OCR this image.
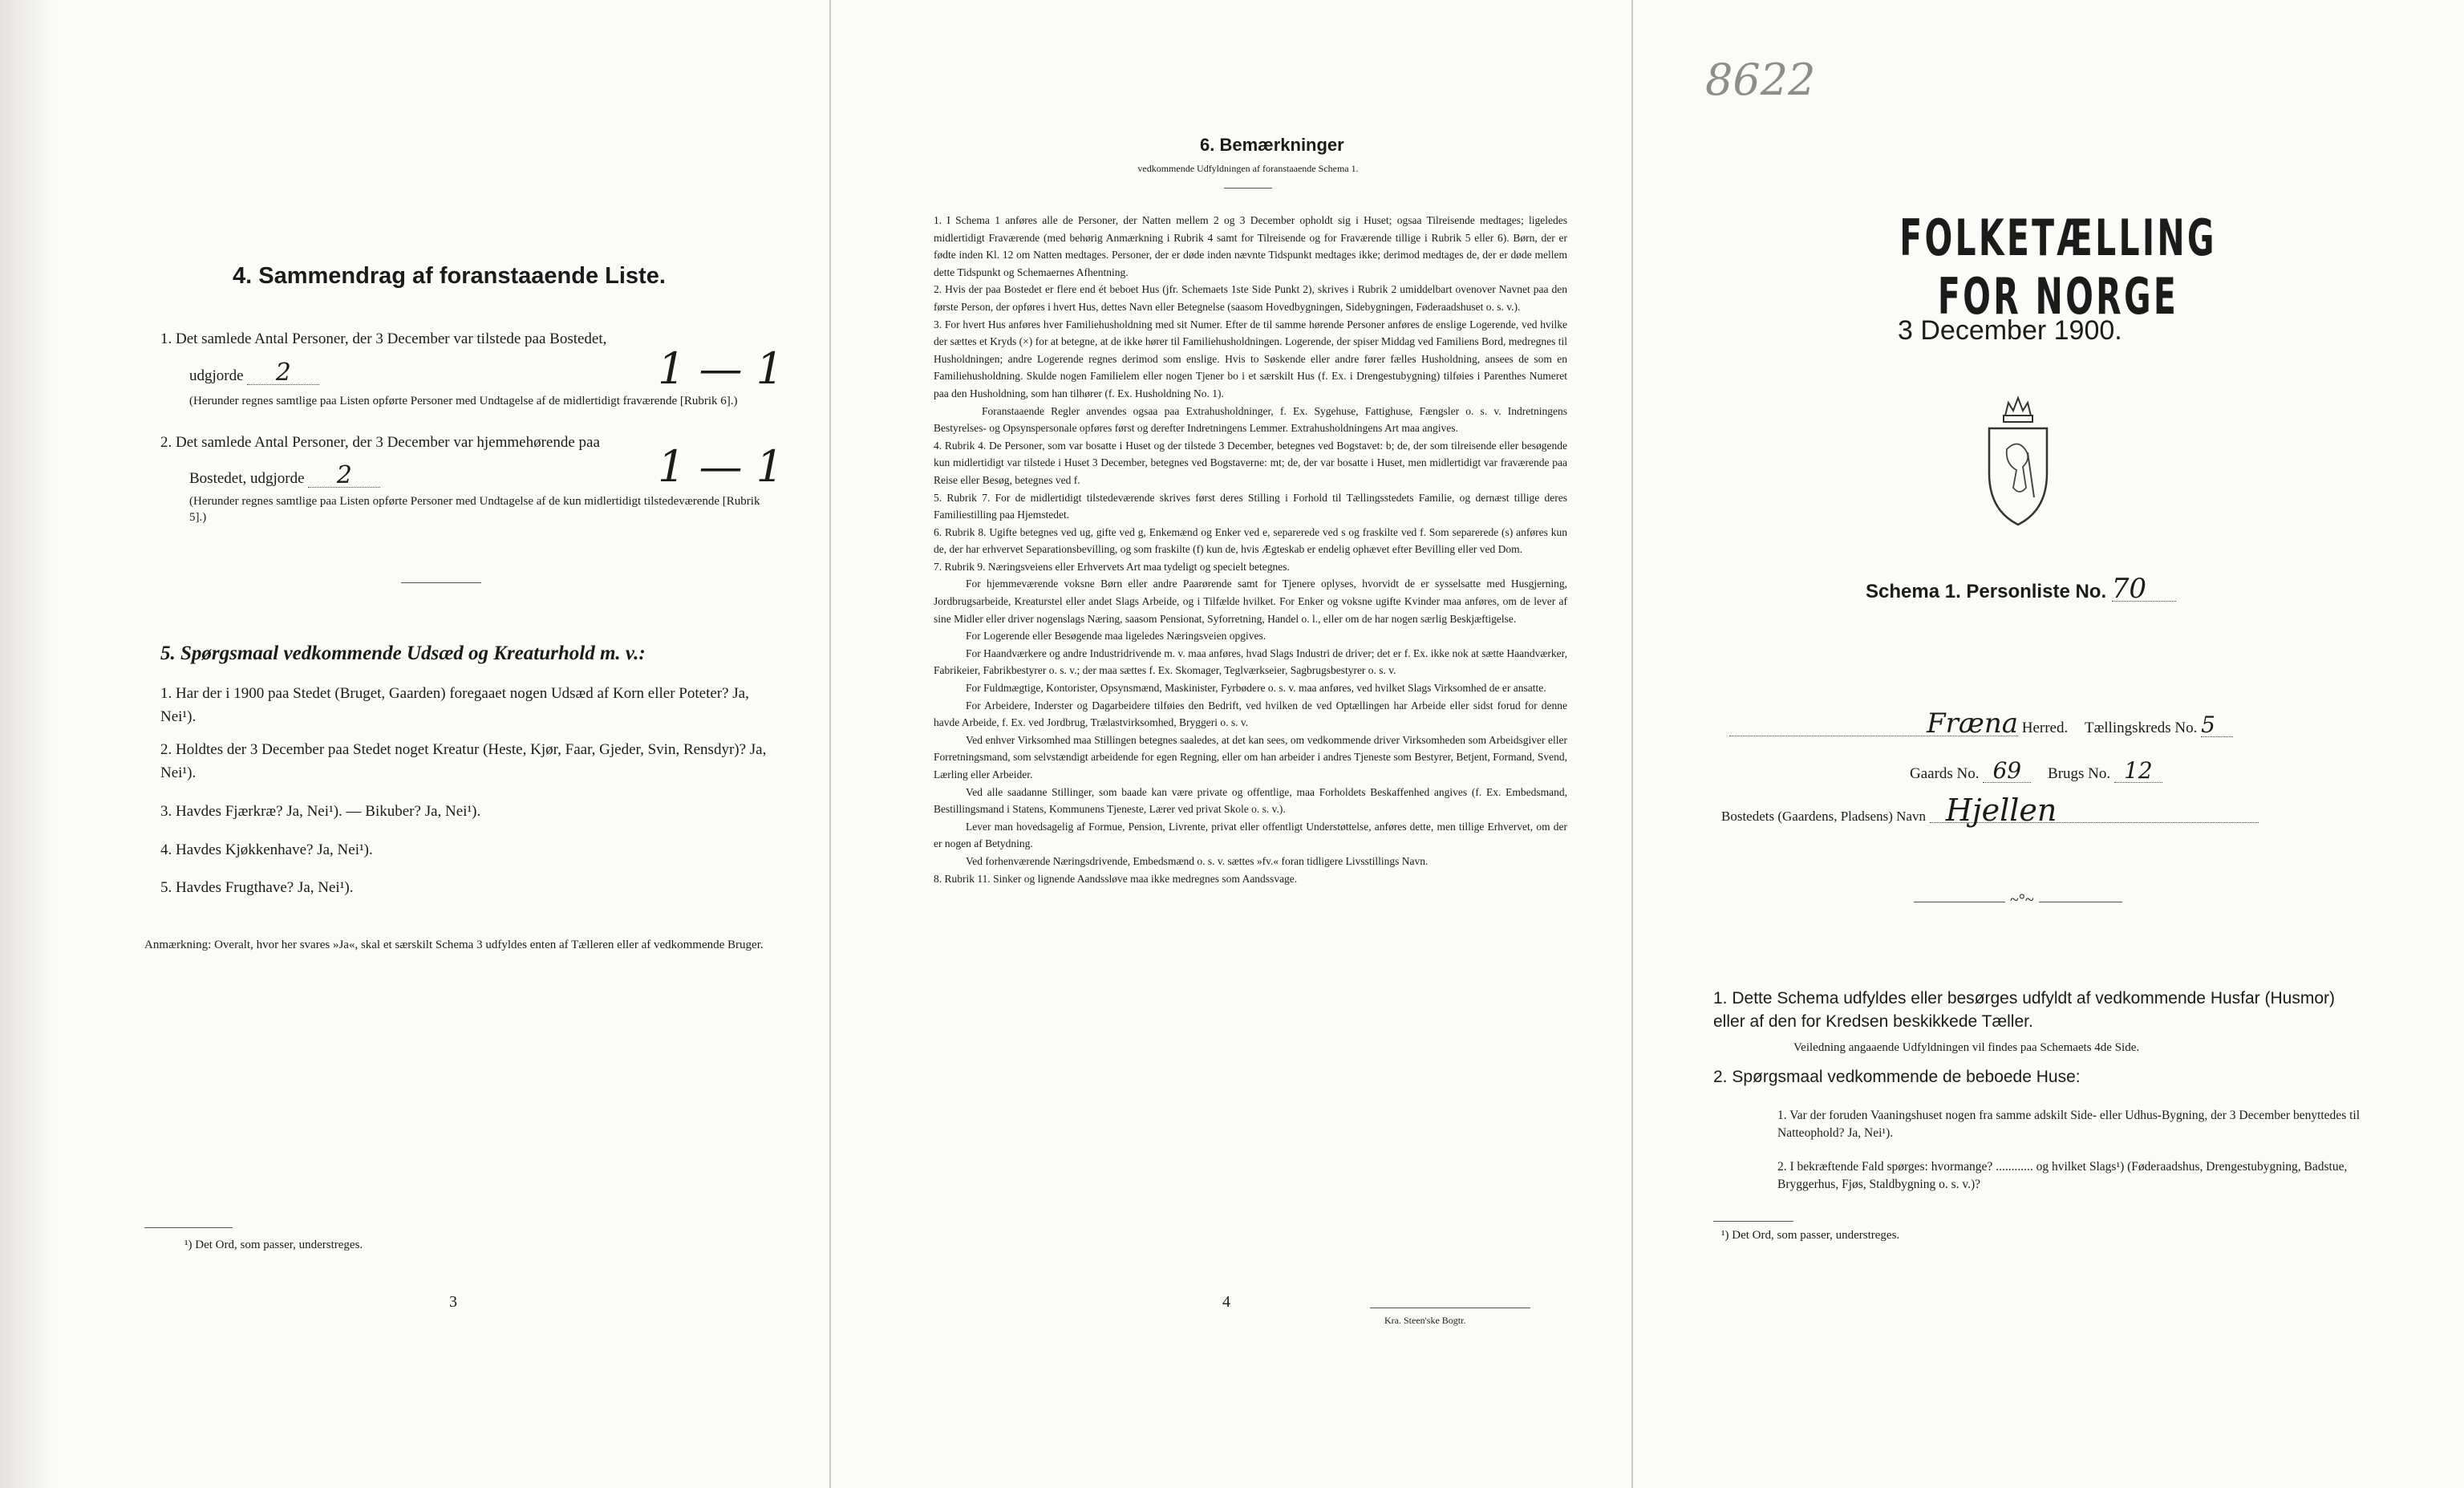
4. Sammendrag af foranstaaende Liste.
1. Det samlede Antal Personer, der 3 December var tilstede paa Bostedet,
udgjorde 2	1 — 1
(Herunder regnes samtlige paa Listen opførte Personer med Undtagelse af de midlertidigt fraværende [Rubrik 6].)
2. Det samlede Antal Personer, der 3 December var hjemmehørende paa
Bostedet, udgjorde 2	1 — 1
(Herunder regnes samtlige paa Listen opførte Personer med Undtagelse af de kun midlertidigt tilstedeværende [Rubrik 5].)
5. Spørgsmaal vedkommende Udsæd og Kreaturhold m. v.:
1. Har der i 1900 paa Stedet (Bruget, Gaarden) foregaaet nogen Udsæd af Korn eller Poteter? Ja, Nei¹).
2. Holdtes der 3 December paa Stedet noget Kreatur (Heste, Kjør, Faar, Gjeder, Svin, Rensdyr)? Ja, Nei¹).
3. Havdes Fjærkræ? Ja, Nei¹). — Bikuber? Ja, Nei¹).
4. Havdes Kjøkkenhave? Ja, Nei¹).
5. Havdes Frugthave? Ja, Nei¹).
Anmærkning: Overalt, hvor her svares »Ja«, skal et særskilt Schema 3 udfyldes enten af Tælleren eller af vedkommende Bruger.
¹) Det Ord, som passer, understreges.
3
6. Bemærkninger
vedkommende Udfyldningen af foranstaaende Schema 1.

1. I Schema 1 anføres alle de Personer, der Natten mellem 2 og 3 December opholdt sig i Huset; ogsaa Tilreisende medtages; ligeledes midlertidigt Fraværende (med behørig Anmærkning i Rubrik 4 samt for Tilreisende og for Fraværende tillige i Rubrik 5 eller 6). Børn, der er fødte inden Kl. 12 om Natten medtages. Personer, der er døde inden nævnte Tidspunkt medtages ikke; derimod medtages de, der er døde mellem dette Tidspunkt og Schemaernes Afhentning.

2. Hvis der paa Bostedet er flere end ét beboet Hus (jfr. Schemaets 1ste Side Punkt 2), skrives i Rubrik 2 umiddelbart ovenover Navnet paa den første Person, der opføres i hvert Hus, dettes Navn eller Betegnelse (saasom Hovedbygningen, Sidebygningen, Føderaadshuset o. s. v.).

3. For hvert Hus anføres hver Familiehusholdning med sit Numer. Efter de til samme hørende Personer anføres de enslige Logerende, ved hvilke der sættes et Kryds (×) for at betegne, at de ikke hører til Familiehusholdningen. Logerende, der spiser Middag ved Familiens Bord, medregnes til Husholdningen; andre Logerende regnes derimod som enslige. Hvis to Søskende eller andre fører fælles Husholdning, ansees de som en Familiehusholdning. Skulde nogen Familielem eller nogen Tjener bo i et særskilt Hus (f. Ex. i Drengestubygning) tilføies i Parenthes Numeret paa den Husholdning, som han tilhører (f. Ex. Husholdning No. 1).

Foranstaaende Regler anvendes ogsaa paa Extrahusholdninger, f. Ex. Sygehuse, Fattighuse, Fængsler o. s. v. Indretningens Bestyrelses- og Opsynspersonale opføres først og derefter Indretningens Lemmer. Extrahusholdningens Art maa angives.

4. Rubrik 4. De Personer, som var bosatte i Huset og der tilstede 3 December, betegnes ved Bogstavet: b; de, der som tilreisende eller besøgende kun midlertidigt var tilstede i Huset 3 December, betegnes ved Bogstaverne: mt; de, der var bosatte i Huset, men midlertidigt var fraværende paa Reise eller Besøg, betegnes ved f.

5. Rubrik 7. For de midlertidigt tilstedeværende skrives først deres Stilling i Forhold til Tællingsstedets Familie, og dernæst tillige deres Familiestilling paa Hjemstedet.

6. Rubrik 8. Ugifte betegnes ved ug, gifte ved g, Enkemænd og Enker ved e, separerede ved s og fraskilte ved f. Som separerede (s) anføres kun de, der har erhvervet Separationsbevilling, og som fraskilte (f) kun de, hvis Ægteskab er endelig ophævet efter Bevilling eller ved Dom.

7. Rubrik 9. Næringsveiens eller Erhvervets Art maa tydeligt og specielt betegnes.

For hjemmeværende voksne Børn eller andre Paarørende samt for Tjenere oplyses, hvorvidt de er sysselsatte med Husgjerning, Jordbrugsarbeide, Kreaturstel eller andet Slags Arbeide, og i Tilfælde hvilket. For Enker og voksne ugifte Kvinder maa anføres, om de lever af sine Midler eller driver nogenslags Næring, saasom Pensionat, Syforretning, Handel o. l., eller om de har nogen særlig Beskjæftigelse.

For Logerende eller Besøgende maa ligeledes Næringsveien opgives.

For Haandværkere og andre Industridrivende m. v. maa anføres, hvad Slags Industri de driver; det er f. Ex. ikke nok at sætte Haandværker, Fabrikeier, Fabrikbestyrer o. s. v.; der maa sættes f. Ex. Skomager, Teglværkseier, Sagbrugsbestyrer o. s. v.

For Fuldmægtige, Kontorister, Opsynsmænd, Maskinister, Fyrbødere o. s. v. maa anføres, ved hvilket Slags Virksomhed de er ansatte.

For Arbeidere, Inderster og Dagarbeidere tilføies den Bedrift, ved hvilken de ved Optællingen har Arbeide eller sidst forud for denne havde Arbeide, f. Ex. ved Jordbrug, Trælastvirksomhed, Bryggeri o. s. v.

Ved enhver Virksomhed maa Stillingen betegnes saaledes, at det kan sees, om vedkommende driver Virksomheden som Arbeidsgiver eller Forretningsmand, som selvstændigt arbeidende for egen Regning, eller om han arbeider i andres Tjeneste som Bestyrer, Betjent, Formand, Svend, Lærling eller Arbeider.

Ved alle saadanne Stillinger, som baade kan være private og offentlige, maa Forholdets Beskaffenhed angives (f. Ex. Embedsmand, Bestillingsmand i Statens, Kommunens Tjeneste, Lærer ved privat Skole o. s. v.).

Lever man hovedsagelig af Formue, Pension, Livrente, privat eller offentligt Understøttelse, anføres dette, men tillige Erhvervet, om der er nogen af Betydning.

Ved forhenværende Næringsdrivende, Embedsmænd o. s. v. sættes »fv.« foran tidligere Livsstillings Navn.

8. Rubrik 11. Sinker og lignende Aandssløve maa ikke medregnes som Aandssvage.

4
Kra. Steen'ske Bogtr.
8622
FOLKETÆLLING FOR NORGE
3 December 1900.
Schema 1. Personliste No. 70
Fræna Herred. Tællingskreds No. 5
Gaards No. 69 Brugs No. 12
Bostedets (Gaardens, Pladsens) Navn Hjellen
~°~
1. Dette Schema udfyldes eller besørges udfyldt af vedkommende Husfar (Husmor) eller af den for Kredsen beskikkede Tæller.
Veiledning angaaende Udfyldningen vil findes paa Schemaets 4de Side.
2. Spørgsmaal vedkommende de beboede Huse:
1. Var der foruden Vaaningshuset nogen fra samme adskilt Side- eller Udhus-Bygning, der 3 December benyttedes til Natteophold? Ja, Nei¹).
2. I bekræftende Fald spørges: hvormange? ............ og hvilket Slags¹) (Føderaadshus, Drengestubygning, Badstue, Bryggerhus, Fjøs, Staldbygning o. s. v.)?
¹) Det Ord, som passer, understreges.
